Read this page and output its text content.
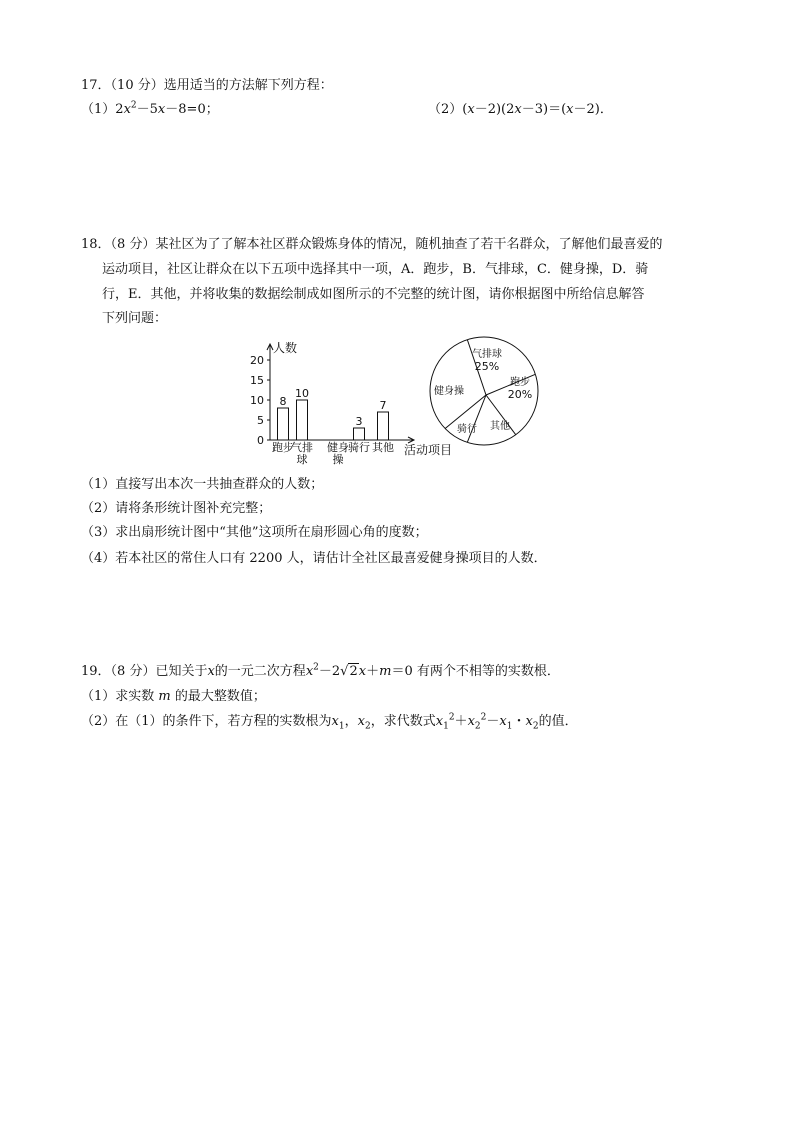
17．（10 分）选用适当的方法解下列方程：
$(1)2x^2-5x-8=0$；	（2）(x－2)(2x－3)＝(x－2)．
18．（8 分）某社区为了了解本社区群众锻炼身体的情况，随机抽查了若干名群众，了解他们最喜爱的
运动项目，社区让群众在以下五项中选择其中一项，A．跑步，B．气排球，C．健身操，D．骑
行，E．其他，并将收集的数据绘制成如图所示的不完整的统计图，请你根据图中所给信息解答
下列问题：
人数
活动项目
0
5
10
15
20
8
跑步
10
气排
球
健身
操
3
骑行
7
其他
气排球
25%
跑步
20%
其他
骑行
健身操
（1）直接写出本次一共抽查群众的人数；
（2）请将条形统计图补充完整；
（3）求出扇形统计图中“其他”这项所在扇形圆心角的度数；
（4）若本社区的常住人口有 2200 人，请估计全社区最喜爱健身操项目的人数．
19．（8 分）已知关于x的一元二次方程$x^2-2√2x+m=0$ 有两个不相等的实数根．
（1）求实数 m 的最大整数值；
（2）在（1）的条件下，若方程的实数根为$x_1$，$x_2$，求代数式$x_1^2+x_2^2-x_1$・$x_2$的值．
